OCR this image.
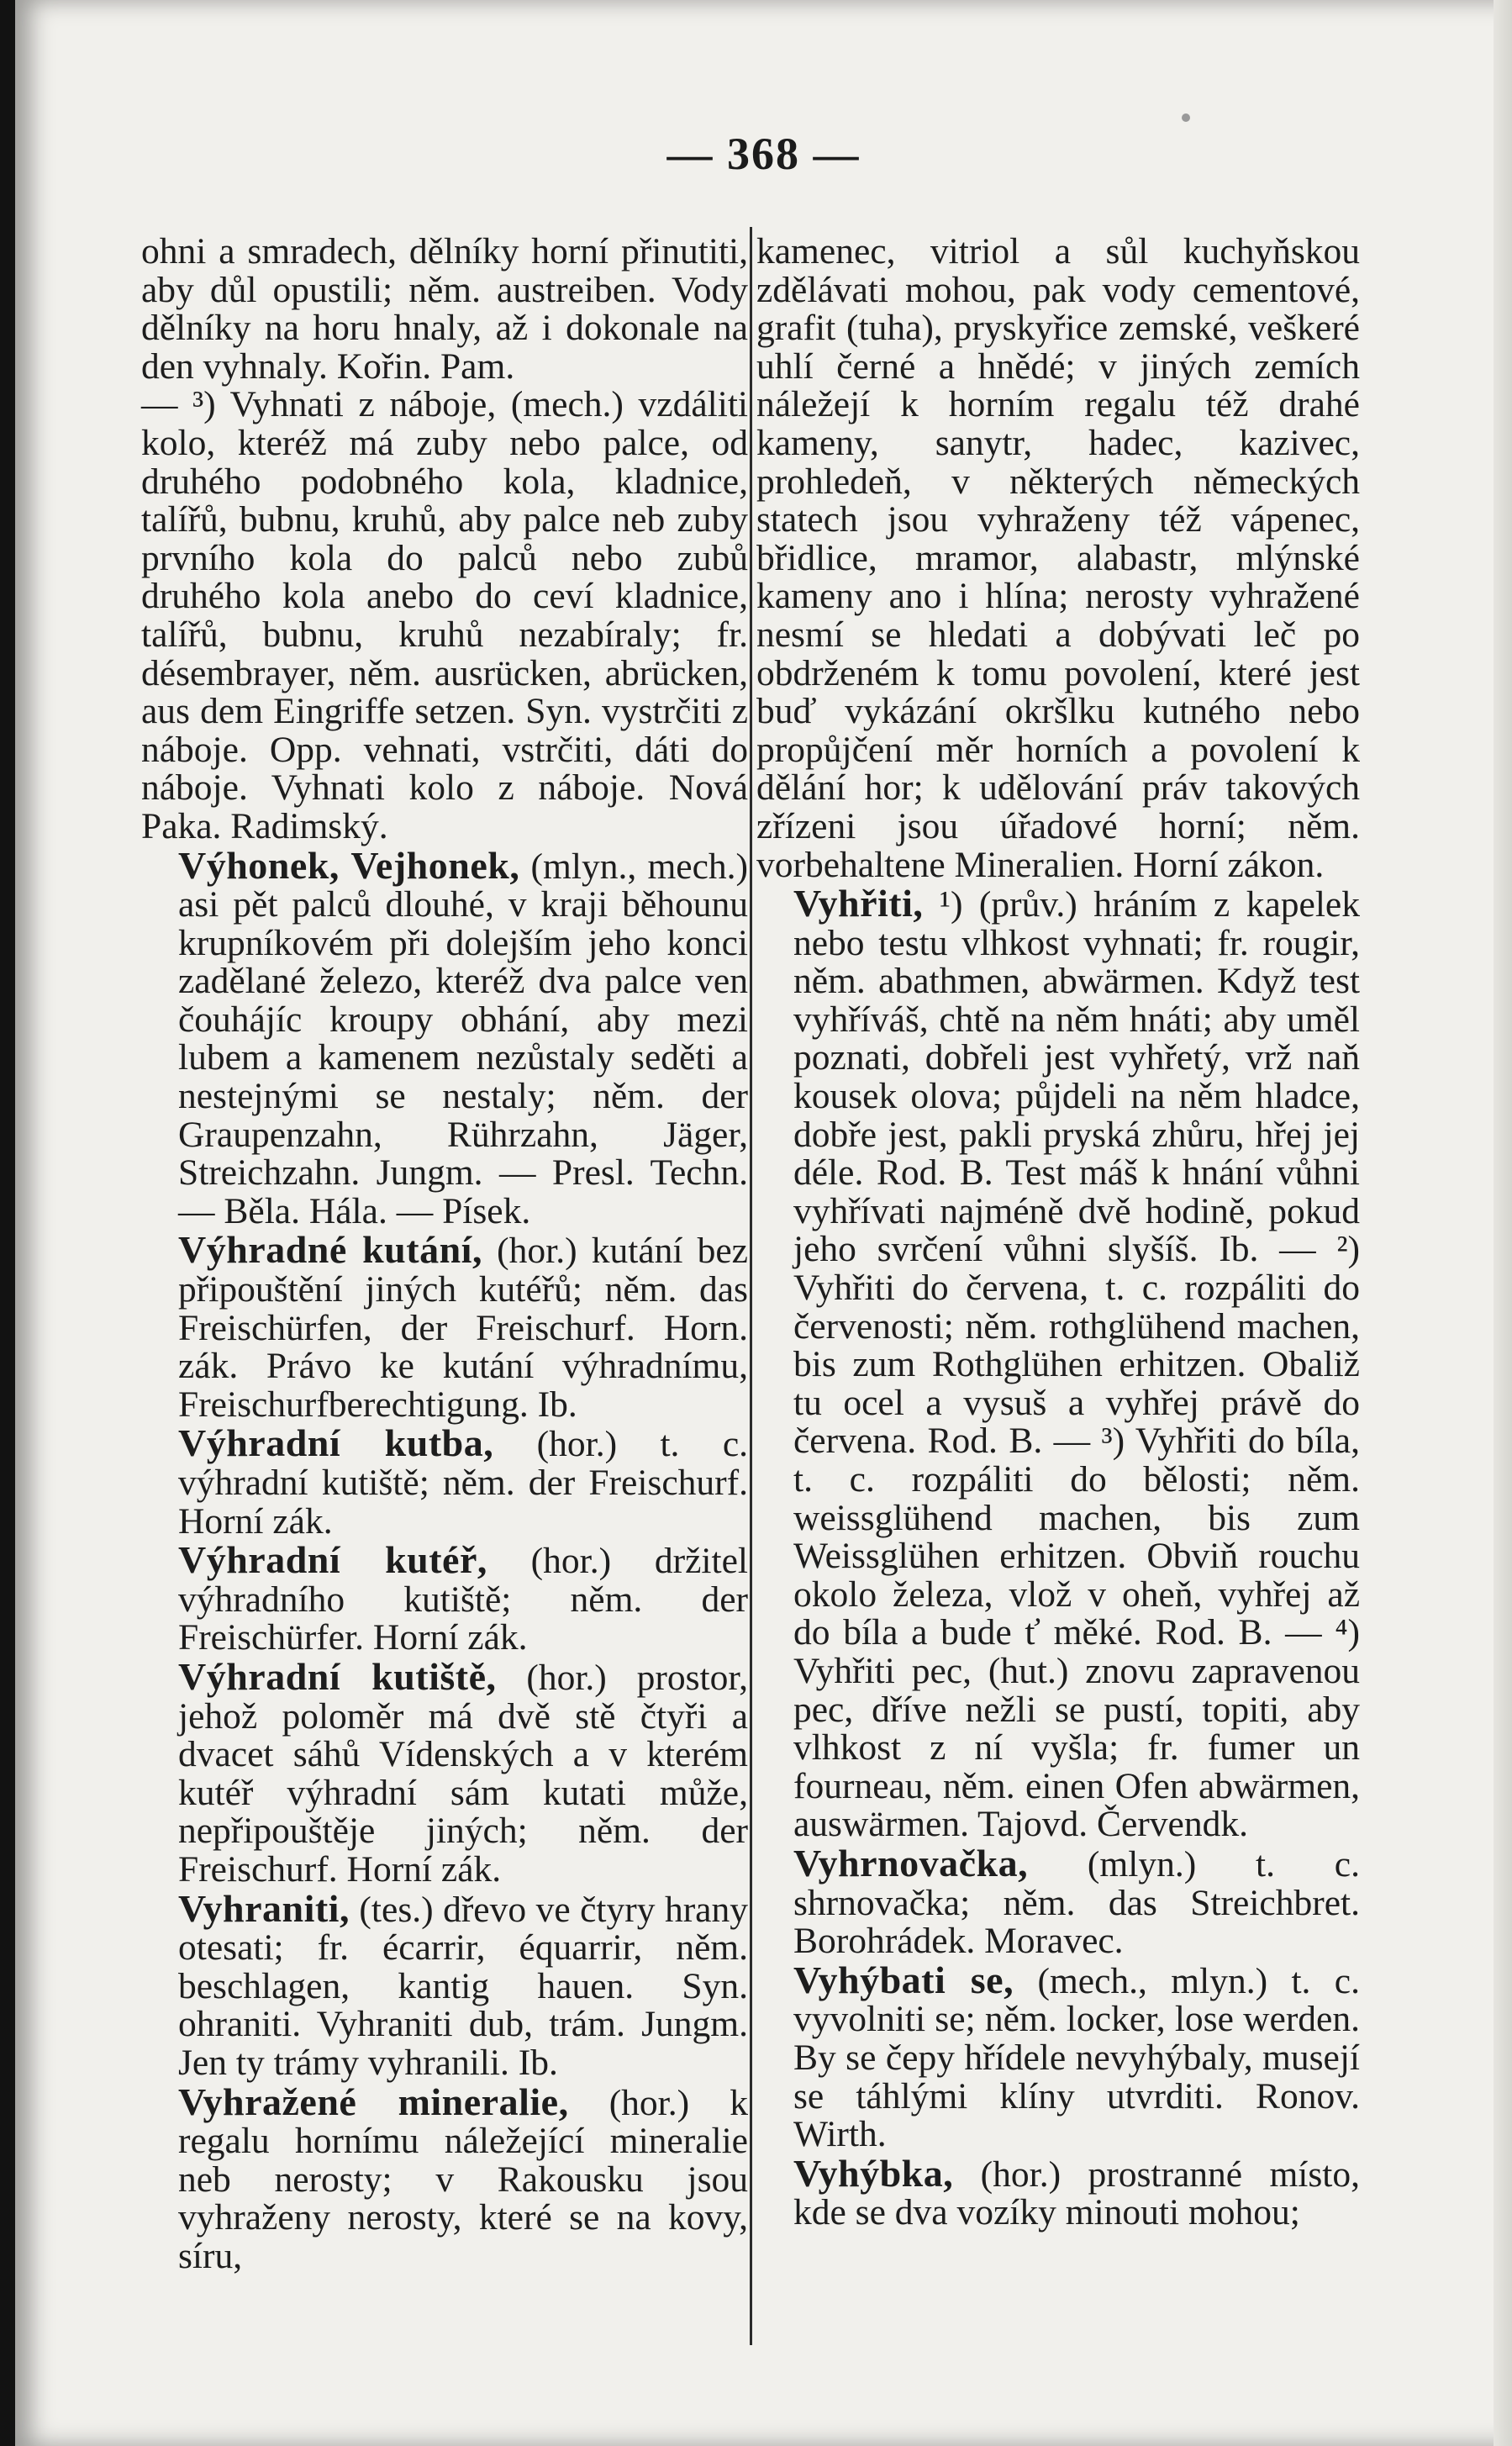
— 368 —

ohni a smradech, dělníky horní přinutiti, aby důl opustili; něm. austreiben. Vody dělníky na horu hnaly, až i dokonale na den vyhnaly. Kořin. Pam.

— ³) Vyhnati z náboje, (mech.) vzdáliti kolo, kteréž má zuby nebo palce, od druhého podobného kola, kladnice, talířů, bubnu, kruhů, aby palce neb zuby prvního kola do palců nebo zubů druhého kola anebo do ceví kladnice, talířů, bubnu, kruhů nezabíraly; fr. désembrayer, něm. ausrücken, abrücken, aus dem Eingriffe setzen. Syn. vystrčiti z náboje. Opp. vehnati, vstrčiti, dáti do náboje. Vyhnati kolo z náboje. Nová Paka. Radimský.

Výhonek, Vejhonek, (mlyn., mech.) asi pět palců dlouhé, v kraji běhounu krupníkovém při dolejším jeho konci zadělané železo, kteréž dva palce ven čouhájíc kroupy obhání, aby mezi lubem a kamenem nezůstaly seděti a nestejnými se nestaly; něm. der Graupenzahn, Rührzahn, Jäger, Streichzahn. Jungm. — Presl. Techn. — Běla. Hála. — Písek.

Výhradné kutání, (hor.) kutání bez připouštění jiných kutéřů; něm. das Freischürfen, der Freischurf. Horn. zák. Právo ke kutání výhradnímu, Freischurfberechtigung. Ib.

Výhradní kutba, (hor.) t. c. výhradní kutiště; něm. der Freischurf. Horní zák.

Výhradní kutéř, (hor.) držitel výhradního kutiště; něm. der Freischürfer. Horní zák.

Výhradní kutiště, (hor.) prostor, jehož poloměr má dvě stě čtyři a dvacet sáhů Vídenských a v kterém kutéř výhradní sám kutati může, nepřipouštěje jiných; něm. der Freischurf. Horní zák.

Vyhraniti, (tes.) dřevo ve čtyry hrany otesati; fr. écarrir, équarrir, něm. beschlagen, kantig hauen. Syn. ohraniti. Vyhraniti dub, trám. Jungm. Jen ty trámy vyhranili. Ib.

Vyhražené mineralie, (hor.) k regalu hornímu náležející mineralie neb nerosty; v Rakousku jsou vyhraženy nerosty, které se na kovy, síru,

kamenec, vitriol a sůl kuchyňskou zdělávati mohou, pak vody cementové, grafit (tuha), pryskyřice zemské, veškeré uhlí černé a hnědé; v jiných zemích náležejí k horním regalu též drahé kameny, sanytr, hadec, kazivec, prohledeň, v některých německých statech jsou vyhraženy též vápenec, břidlice, mramor, alabastr, mlýnské kameny ano i hlína; nerosty vyhražené nesmí se hledati a dobývati leč po obdrženém k tomu povolení, které jest buď vykázání okršlku kutného nebo propůjčení měr horních a povolení k dělání hor; k udělování práv takových zřízeni jsou úřadové horní; něm. vorbehaltene Mineralien. Horní zákon.

Vyhřiti, ¹) (prův.) hráním z kapelek nebo testu vlhkost vyhnati; fr. rougir, něm. abathmen, abwärmen. Když test vyhříváš, chtě na něm hnáti; aby uměl poznati, dobřeli jest vyhřetý, vrž naň kousek olova; půjdeli na něm hladce, dobře jest, pakli pryská zhůru, hřej jej déle. Rod. B. Test máš k hnání vůhni vyhřívati najméně dvě hodině, pokud jeho svrčení vůhni slyšíš. Ib. — ²) Vyhřiti do červena, t. c. rozpáliti do červenosti; něm. rothglühend machen, bis zum Rothglühen erhitzen. Obaliž tu ocel a vysuš a vyhřej právě do červena. Rod. B. — ³) Vyhřiti do bíla, t. c. rozpáliti do bělosti; něm. weissglühend machen, bis zum Weissglühen erhitzen. Obviň rouchu okolo železa, vlož v oheň, vyhřej až do bíla a bude ť měké. Rod. B. — ⁴) Vyhřiti pec, (hut.) znovu zapravenou pec, dříve nežli se pustí, topiti, aby vlhkost z ní vyšla; fr. fumer un fourneau, něm. einen Ofen abwärmen, auswärmen. Tajovd. Červendk.

Vyhrnovačka, (mlyn.) t. c. shrnovačka; něm. das Streichbret. Borohrádek. Moravec.

Vyhýbati se, (mech., mlyn.) t. c. vyvolniti se; něm. locker, lose werden. By se čepy hřídele nevyhýbaly, musejí se táhlými klíny utvrditi. Ronov. Wirth.

Vyhýbka, (hor.) prostranné místo, kde se dva vozíky minouti mohou;
